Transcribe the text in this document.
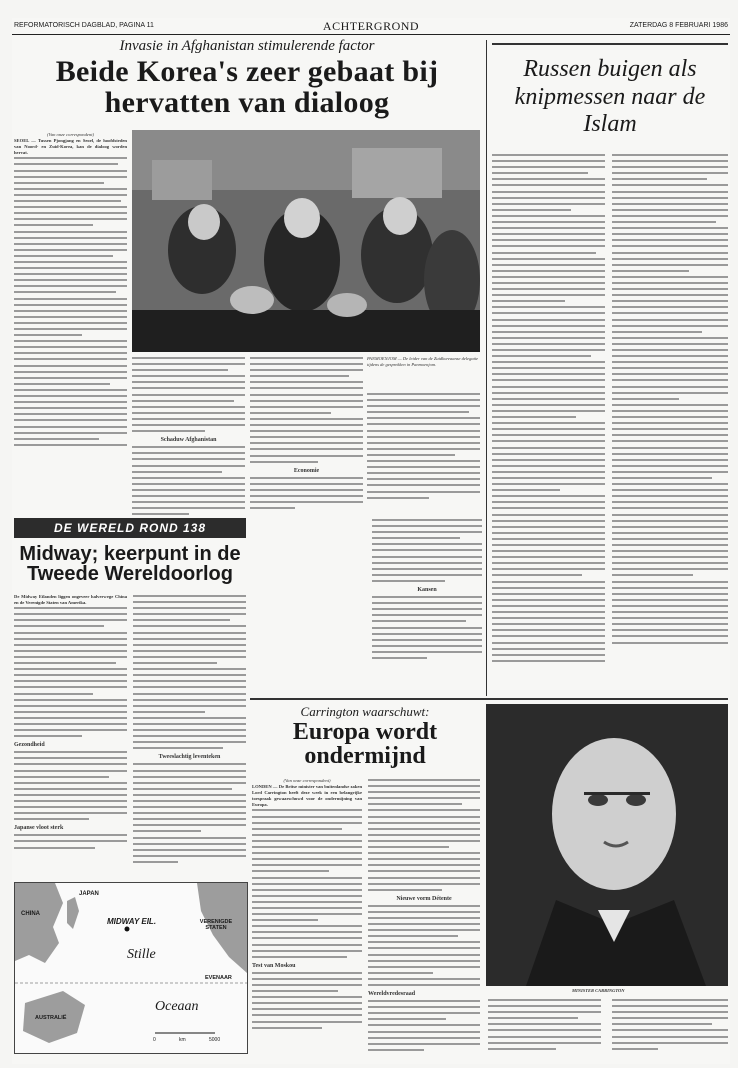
REFORMATORISCH DAGBLAD, PAGINA 11	ACHTERGROND	ZATERDAG 8 FEBRUARI 1986
Invasie in Afghanistan stimulerende factor
Beide Korea's zeer gebaat bij hervatten van dialoog

(Van onze correspondent)

SEOEL — Tussen Pjongjang en Seoel, de hoofdsteden van Noord- en Zuid-Korea, kan de dialoog worden hervat.

Schaduw Afghanistan

Economie

PANMOENJOM — De leider van de Zuidkoreaanse delegatie tijdens de gesprekken in Panmoenjom.
Russen buigen als knipmessen naar de Islam

Kansen

DE WERELD ROND 138
Midway; keerpunt in de Tweede Wereldoorlog

De Midway Eilanden liggen ongeveer halverwege China en de Verenigde Staten van Amerika.

Gezondheid

Japanse vloot sterk

Tweeslachtig leventeken

CHINA
JAPAN
MIDWAY EIL.	VERENIGDE STATEN
Stille
Oceaan
EVENAAR
AUSTRALIË
0	km	5000
Carrington waarschuwt:
Europa wordt ondermijnd

(Van onze correspondent)

LONDEN — De Britse minister van buitenlandse zaken Lord Carrington heeft deze week in een belangrijke toespraak gewaarschuwd voor de ondermijning van Europa.

Test van Moskou

Nieuwe vorm Détente

Wereldvredesraad

MINISTER CARRINGTON
